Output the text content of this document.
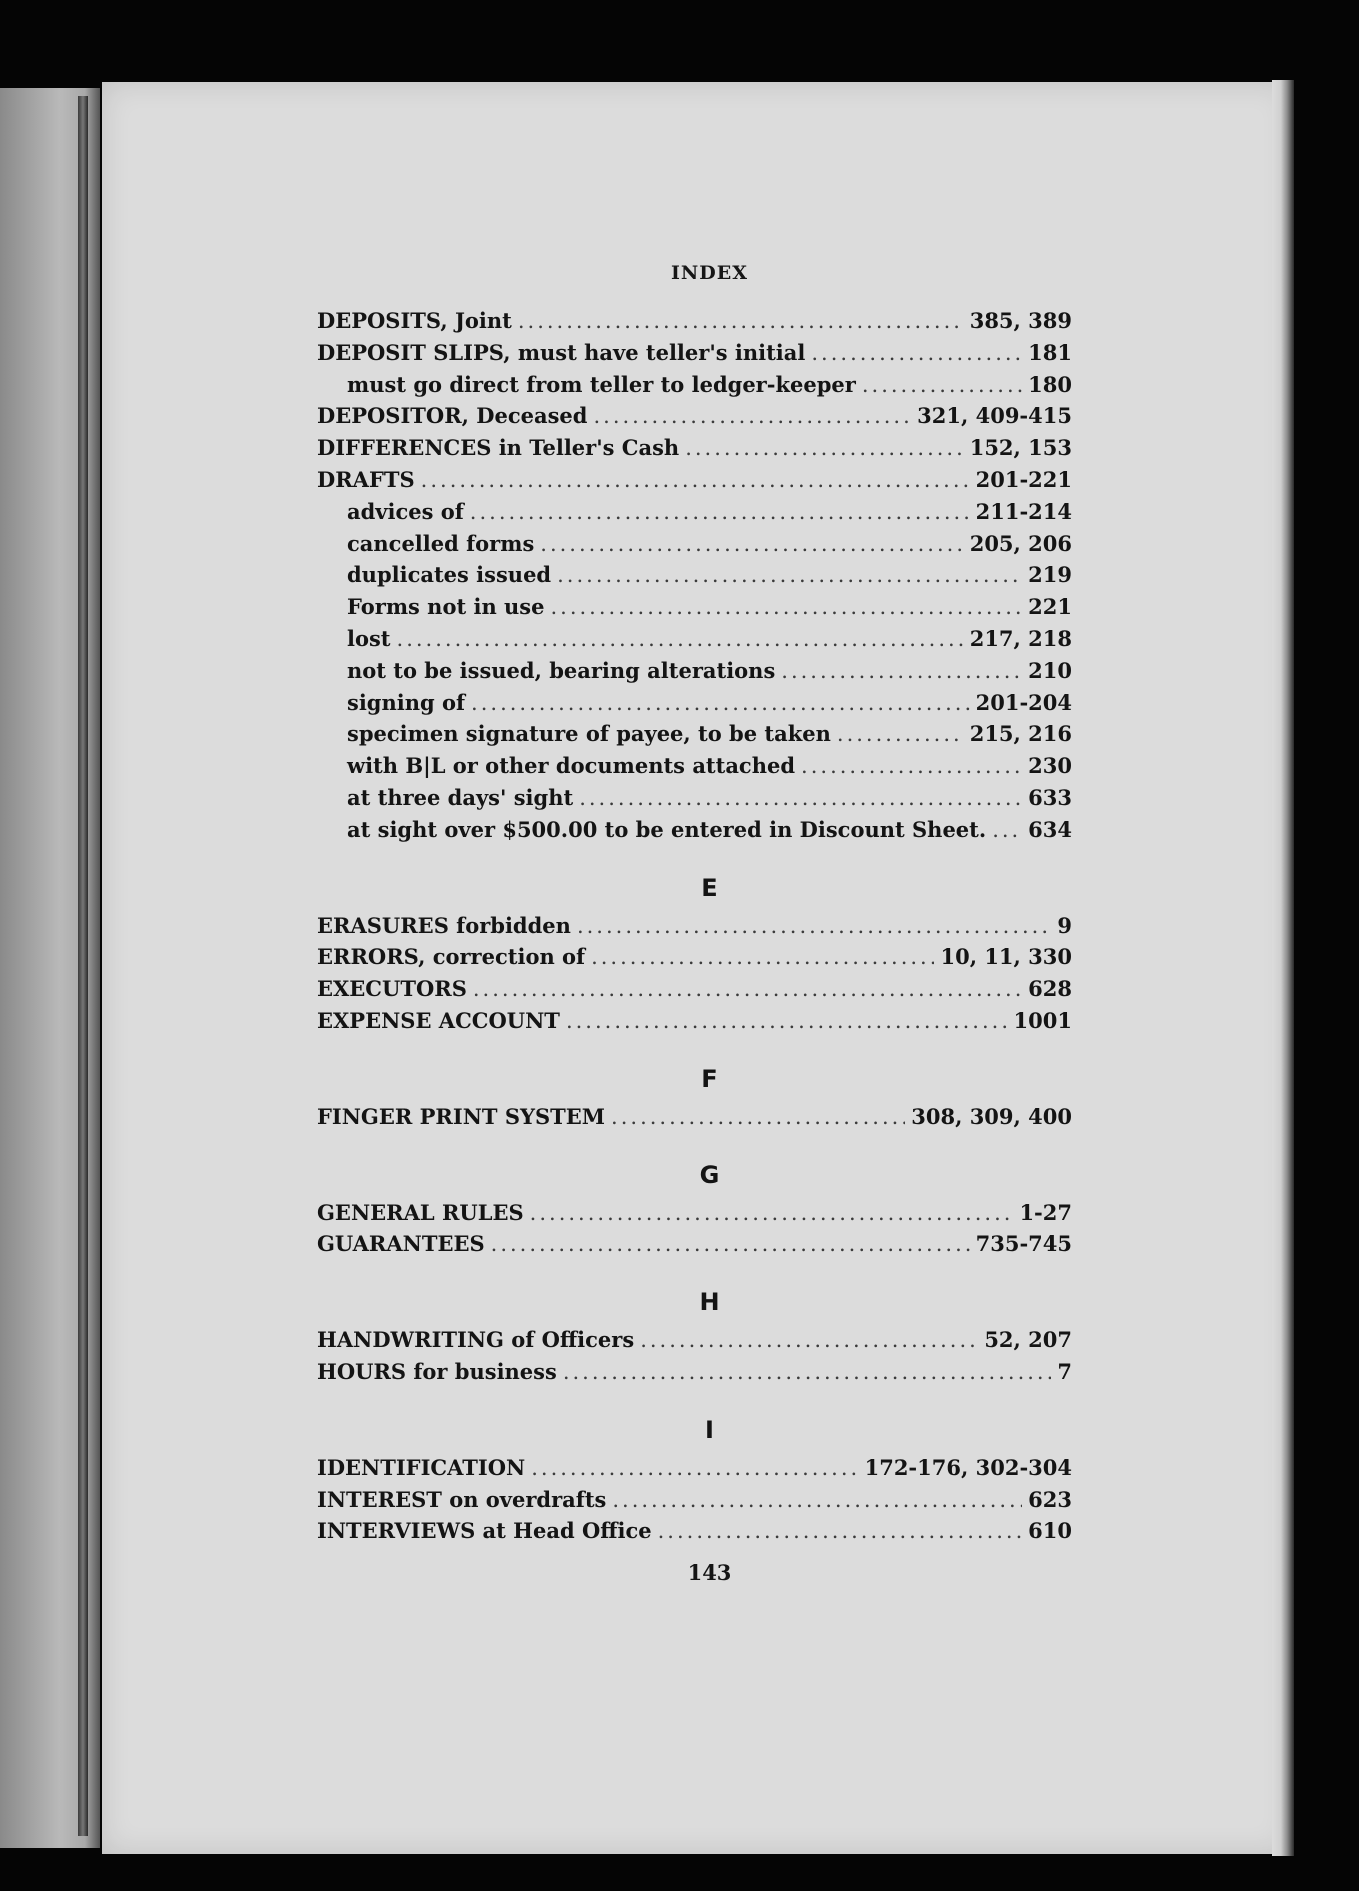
INDEX
DEPOSITS, Joint .....	385, 389
DEPOSIT SLIPS, must have teller's initial .....	181
must go direct from teller to ledger-keeper .....	180
DEPOSITOR, Deceased .....	321, 409-415
DIFFERENCES in Teller's Cash .....	152, 153
DRAFTS .....	201-221
advices of .....	211-214
cancelled forms .....	205, 206
duplicates issued .....	219
Forms not in use .....	221
lost .....	217, 218
not to be issued, bearing alterations .....	210
signing of .....	201-204
specimen signature of payee, to be taken .....	215, 216
with B|L or other documents attached .....	230
at three days' sight .....	633
at sight over $500.00 to be entered in Discount Sheet. ..... 634
E
ERASURES forbidden .....	9
ERRORS, correction of .....	10, 11, 330
EXECUTORS .....	628
EXPENSE ACCOUNT .....	1001
F
FINGER PRINT SYSTEM .....	308, 309, 400
G
GENERAL RULES .....	1-27
GUARANTEES .....	735-745
H
HANDWRITING of Officers .....	52, 207
HOURS for business .....	7
I
IDENTIFICATION .....	172-176, 302-304
INTEREST on overdrafts .....	623
INTERVIEWS at Head Office .....	610
143
